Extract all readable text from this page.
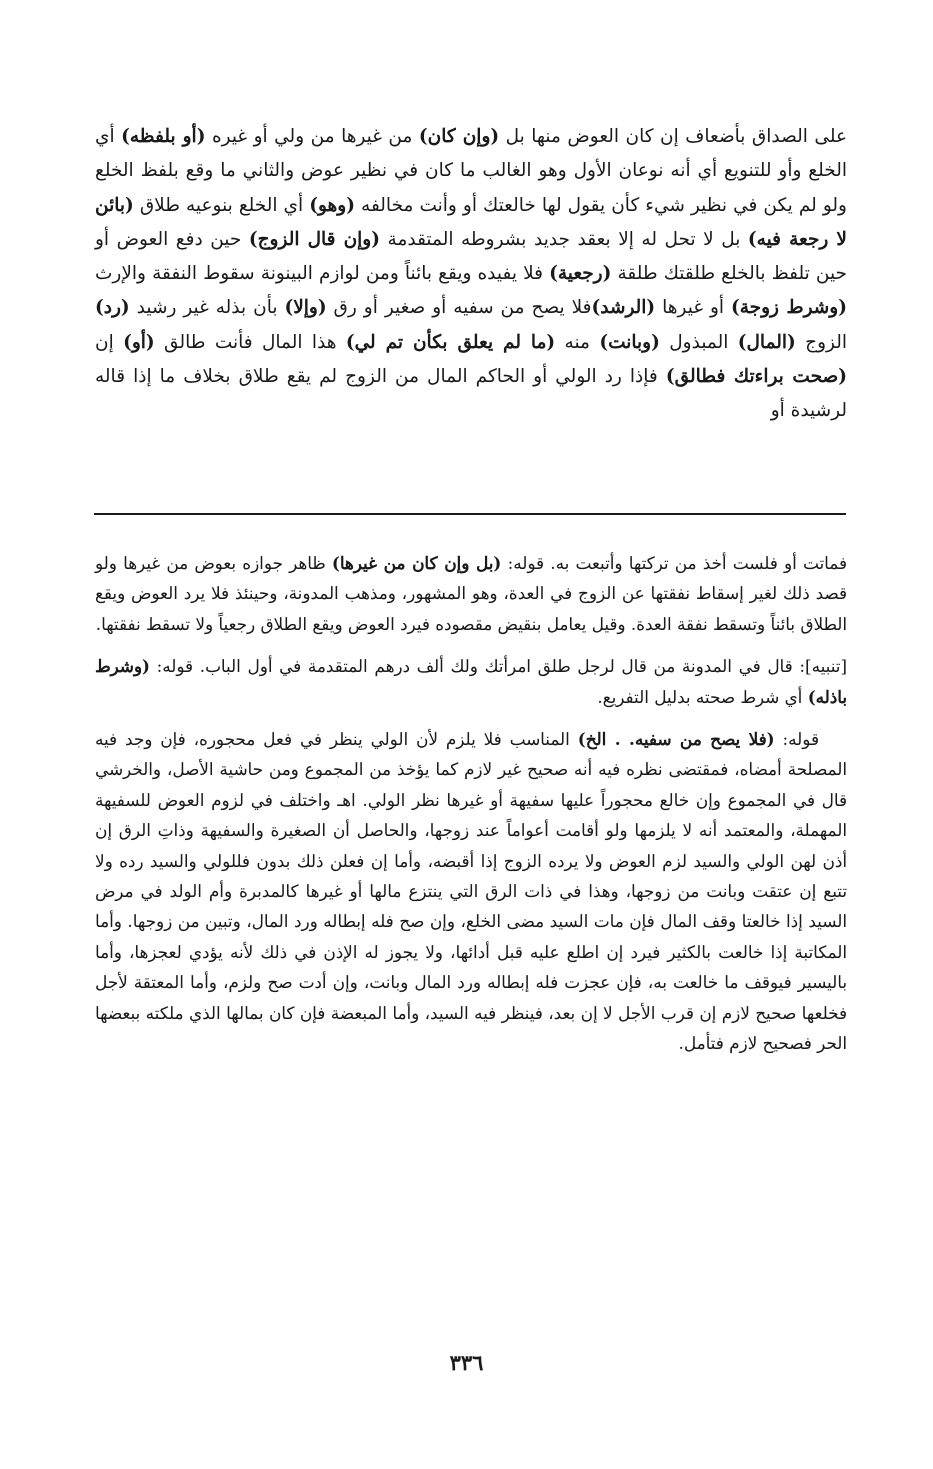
على الصداق بأضعاف إن كان العوض منها بل (وإن كان) من غيرها من ولي أو غيره (أو بلفظه) أي الخلع وأو للتنويع أي أنه نوعان الأول وهو الغالب ما كان في نظير عوض والثاني ما وقع بلفظ الخلع ولو لم يكن في نظير شيء كأن يقول لها خالعتك أو وأنت مخالفه (وهو) أي الخلع بنوعيه طلاق (بائن لا رجعة فيه) بل لا تحل له إلا بعقد جديد بشروطه المتقدمة (وإن قال الزوج) حين دفع العوض أو حين تلفظ بالخلع طلقتك طلقة (رجعية) فلا يفيده ويقع بائناً ومن لوازم البينونة سقوط النفقة والإرث (وشرط زوجة) أو غيرها (الرشد)فلا يصح من سفيه أو صغير أو رق (وإلا) بأن بذله غير رشيد (رد) الزوج (المال) المبذول (وبانت) منه (ما لم يعلق بكأن تم لي) هذا المال فأنت طالق (أو) إن (صحت براءتك فطالق) فإذا رد الولي أو الحاكم المال من الزوج لم يقع طلاق بخلاف ما إذا قاله لرشيدة أو

فماتت أو فلست أخذ من تركتها وأتبعت به. قوله: (بل وإن كان من غيرها) ظاهر جوازه بعوض من غيرها ولو قصد ذلك لغير إسقاط نفقتها عن الزوج في العدة، وهو المشهور، ومذهب المدونة، وحينئذ فلا يرد العوض ويقع الطلاق بائناً وتسقط نفقة العدة. وقيل يعامل بنقيض مقصوده فيرد العوض ويقع الطلاق رجعياً ولا تسقط نفقتها.

[تنبيه]: قال في المدونة من قال لرجل طلق امرأتك ولك ألف درهم المتقدمة في أول الباب. قوله: (وشرط باذله) أي شرط صحته بدليل التفريع.

قوله: (فلا يصح من سفيه. . الخ) المناسب فلا يلزم لأن الولي ينظر في فعل محجوره، فإن وجد فيه المصلحة أمضاه، فمقتضى نظره فيه أنه صحيح غير لازم كما يؤخذ من المجموع ومن حاشية الأصل، والخرشي قال في المجموع وإن خالع محجوراً عليها سفيهة أو غيرها نظر الولي. اهـ واختلف في لزوم العوض للسفيهة المهملة، والمعتمد أنه لا يلزمها ولو أقامت أعواماً عند زوجها، والحاصل أن الصغيرة والسفيهة وذاتِ الرق إن أذن لهن الولي والسيد لزم العوض ولا يرده الزوج إذا أقبضه، وأما إن فعلن ذلك بدون فللولي والسيد رده ولا تتبع إن عتقت وبانت من زوجها، وهذا في ذات الرق التي ينتزع مالها أو غيرها كالمدبرة وأم الولد في مرض السيد إذا خالعتا وقف المال فإن مات السيد مضى الخلع، وإن صح فله إبطاله ورد المال، وتبين من زوجها. وأما المكاتبة إذا خالعت بالكثير فيرد إن اطلع عليه قبل أدائها، ولا يجوز له الإذن في ذلك لأنه يؤدي لعجزها، وأما باليسير فيوقف ما خالعت به، فإن عجزت فله إبطاله ورد المال وبانت، وإن أدت صح ولزم، وأما المعتقة لأجل فخلعها صحيح لازم إن قرب الأجل لا إن بعد، فينظر فيه السيد، وأما المبعضة فإن كان بمالها الذي ملكته ببعضها الحر فصحيح لازم فتأمل.

٣٣٦
